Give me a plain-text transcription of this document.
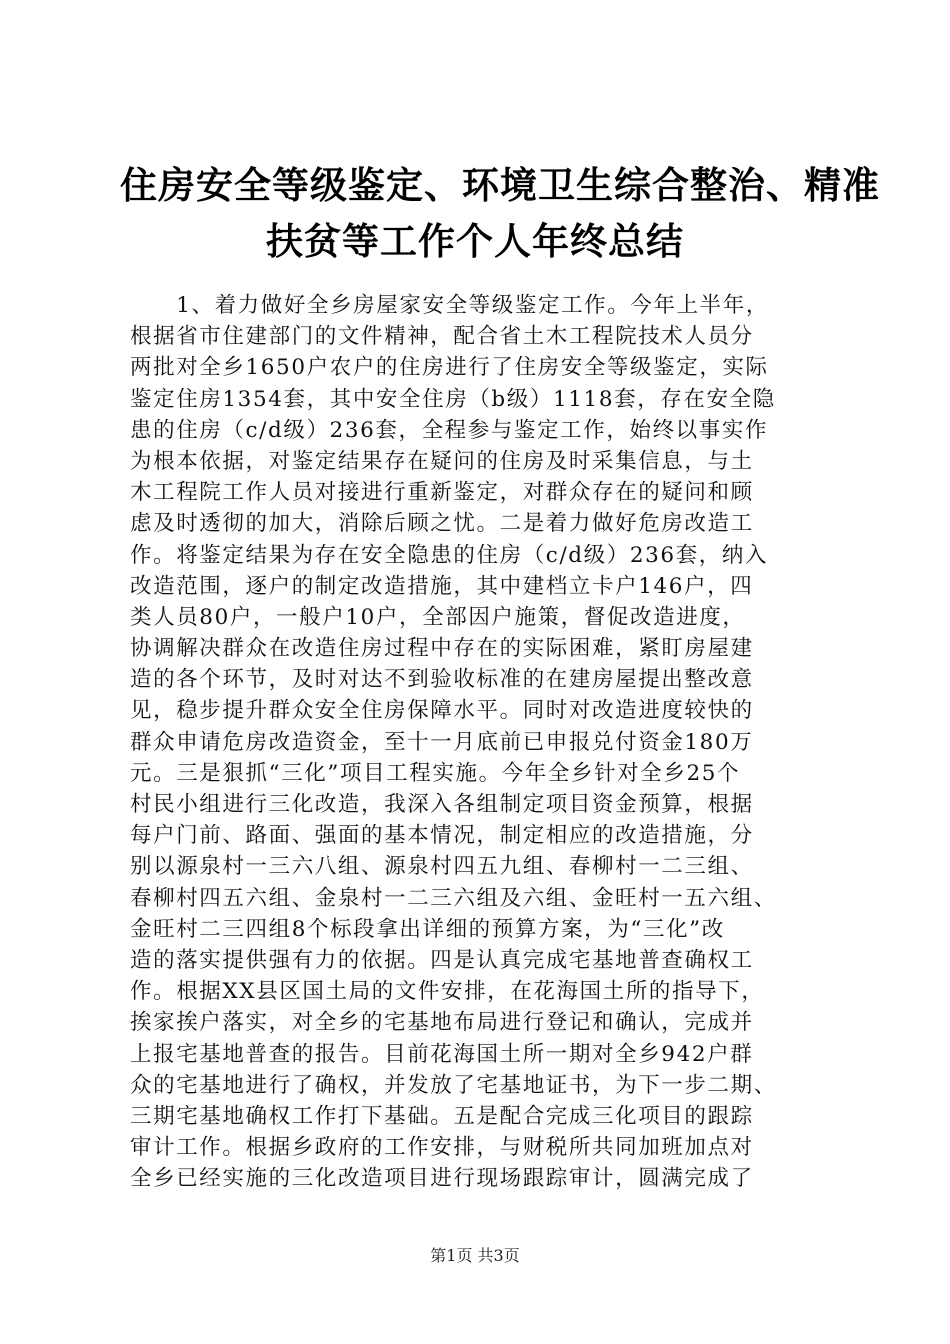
住房安全等级鉴定、环境卫生综合整治、精准
扶贫等工作个人年终总结
　　1、着力做好全乡房屋家安全等级鉴定工作。今年上半年，
根据省市住建部门的文件精神，配合省土木工程院技术人员分
两批对全乡1650户农户的住房进行了住房安全等级鉴定，实际
鉴定住房1354套，其中安全住房（b级）1118套，存在安全隐
患的住房（c/d级）236套，全程参与鉴定工作，始终以事实作
为根本依据，对鉴定结果存在疑问的住房及时采集信息，与土
木工程院工作人员对接进行重新鉴定，对群众存在的疑问和顾
虑及时透彻的加大，消除后顾之忧。二是着力做好危房改造工
作。将鉴定结果为存在安全隐患的住房（c/d级）236套，纳入
改造范围，逐户的制定改造措施，其中建档立卡户146户，四
类人员80户，一般户10户，全部因户施策，督促改造进度，
协调解决群众在改造住房过程中存在的实际困难，紧盯房屋建
造的各个环节，及时对达不到验收标准的在建房屋提出整改意
见，稳步提升群众安全住房保障水平。同时对改造进度较快的
群众申请危房改造资金，至十一月底前已申报兑付资金180万
元。三是狠抓“三化”项目工程实施。今年全乡针对全乡25个
村民小组进行三化改造，我深入各组制定项目资金预算，根据
每户门前、路面、强面的基本情况，制定相应的改造措施，分
别以源泉村一三六八组、源泉村四五九组、春柳村一二三组、
春柳村四五六组、金泉村一二三六组及六组、金旺村一五六组、
金旺村二三四组8个标段拿出详细的预算方案，为“三化”改
造的落实提供强有力的依据。四是认真完成宅基地普查确权工
作。根据XX县区国土局的文件安排，在花海国土所的指导下，
挨家挨户落实，对全乡的宅基地布局进行登记和确认，完成并
上报宅基地普查的报告。目前花海国土所一期对全乡942户群
众的宅基地进行了确权，并发放了宅基地证书，为下一步二期、
三期宅基地确权工作打下基础。五是配合完成三化项目的跟踪
审计工作。根据乡政府的工作安排，与财税所共同加班加点对
全乡已经实施的三化改造项目进行现场跟踪审计，圆满完成了
第1页 共3页
